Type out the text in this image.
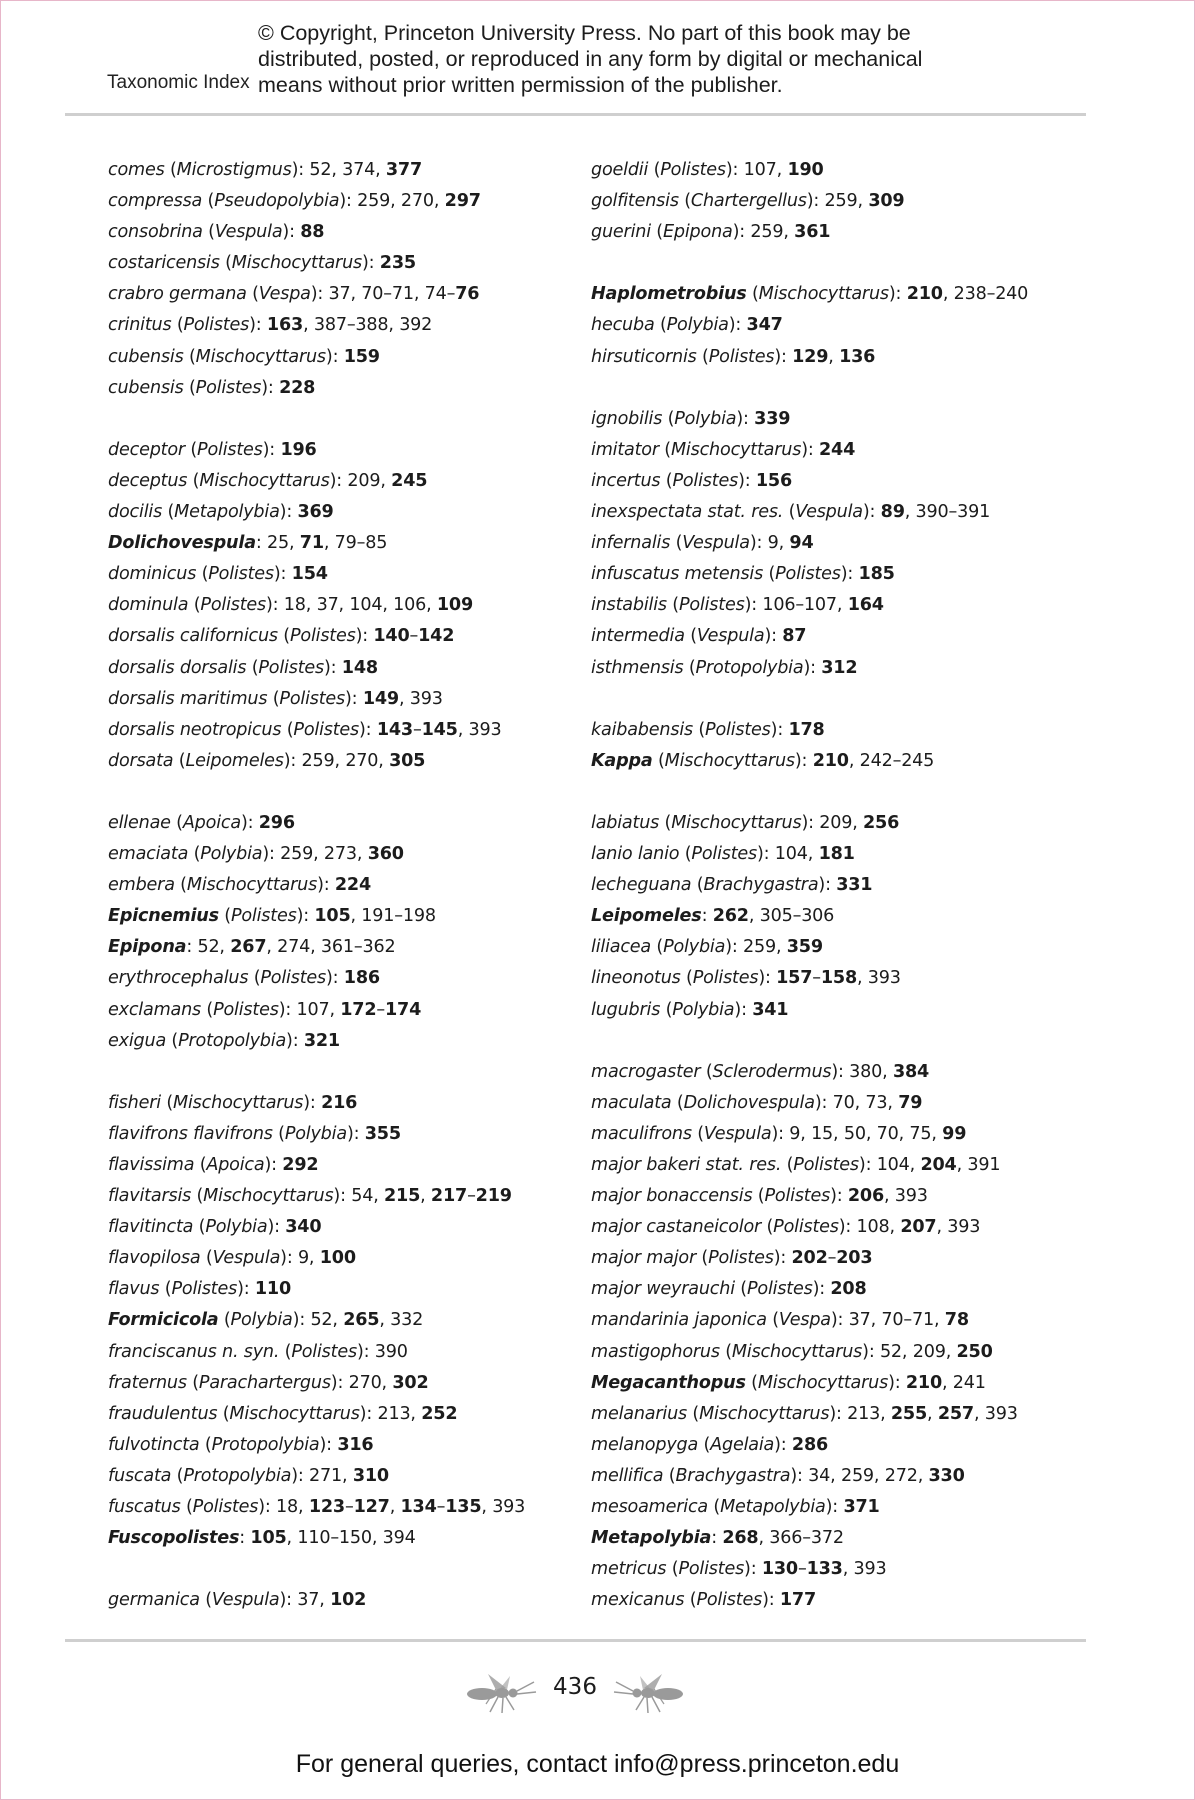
Taxonomic Index
© Copyright, Princeton University Press. No part of this book may be
distributed, posted, or reproduced in any form by digital or mechanical
means without prior written permission of the publisher.
comes (Microstigmus): 52, 374, 377
compressa (Pseudopolybia): 259, 270, 297
consobrina (Vespula): 88
costaricensis (Mischocyttarus): 235
crabro germana (Vespa): 37, 70–71, 74–76
crinitus (Polistes): 163, 387–388, 392
cubensis (Mischocyttarus): 159
cubensis (Polistes): 228
deceptor (Polistes): 196
deceptus (Mischocyttarus): 209, 245
docilis (Metapolybia): 369
Dolichovespula: 25, 71, 79–85
dominicus (Polistes): 154
dominula (Polistes): 18, 37, 104, 106, 109
dorsalis californicus (Polistes): 140–142
dorsalis dorsalis (Polistes): 148
dorsalis maritimus (Polistes): 149, 393
dorsalis neotropicus (Polistes): 143–145, 393
dorsata (Leipomeles): 259, 270, 305
ellenae (Apoica): 296
emaciata (Polybia): 259, 273, 360
embera (Mischocyttarus): 224
Epicnemius (Polistes): 105, 191–198
Epipona: 52, 267, 274, 361–362
erythrocephalus (Polistes): 186
exclamans (Polistes): 107, 172–174
exigua (Protopolybia): 321
fisheri (Mischocyttarus): 216
flavifrons flavifrons (Polybia): 355
flavissima (Apoica): 292
flavitarsis (Mischocyttarus): 54, 215, 217–219
flavitincta (Polybia): 340
flavopilosa (Vespula): 9, 100
flavus (Polistes): 110
Formicicola (Polybia): 52, 265, 332
franciscanus n. syn. (Polistes): 390
fraternus (Parachartergus): 270, 302
fraudulentus (Mischocyttarus): 213, 252
fulvotincta (Protopolybia): 316
fuscata (Protopolybia): 271, 310
fuscatus (Polistes): 18, 123–127, 134–135, 393
Fuscopolistes: 105, 110–150, 394
germanica (Vespula): 37, 102
goeldii (Polistes): 107, 190
golfitensis (Chartergellus): 259, 309
guerini (Epipona): 259, 361
Haplometrobius (Mischocyttarus): 210, 238–240
hecuba (Polybia): 347
hirsuticornis (Polistes): 129, 136
ignobilis (Polybia): 339
imitator (Mischocyttarus): 244
incertus (Polistes): 156
inexspectata stat. res. (Vespula): 89, 390–391
infernalis (Vespula): 9, 94
infuscatus metensis (Polistes): 185
instabilis (Polistes): 106–107, 164
intermedia (Vespula): 87
isthmensis (Protopolybia): 312
kaibabensis (Polistes): 178
Kappa (Mischocyttarus): 210, 242–245
labiatus (Mischocyttarus): 209, 256
lanio lanio (Polistes): 104, 181
lecheguana (Brachygastra): 331
Leipomeles: 262, 305–306
liliacea (Polybia): 259, 359
lineonotus (Polistes): 157–158, 393
lugubris (Polybia): 341
macrogaster (Sclerodermus): 380, 384
maculata (Dolichovespula): 70, 73, 79
maculifrons (Vespula): 9, 15, 50, 70, 75, 99
major bakeri stat. res. (Polistes): 104, 204, 391
major bonaccensis (Polistes): 206, 393
major castaneicolor (Polistes): 108, 207, 393
major major (Polistes): 202–203
major weyrauchi (Polistes): 208
mandarinia japonica (Vespa): 37, 70–71, 78
mastigophorus (Mischocyttarus): 52, 209, 250
Megacanthopus (Mischocyttarus): 210, 241
melanarius (Mischocyttarus): 213, 255, 257, 393
melanopyga (Agelaia): 286
mellifica (Brachygastra): 34, 259, 272, 330
mesoamerica (Metapolybia): 371
Metapolybia: 268, 366–372
metricus (Polistes): 130–133, 393
mexicanus (Polistes): 177
436
For general queries, contact info@press.princeton.edu
